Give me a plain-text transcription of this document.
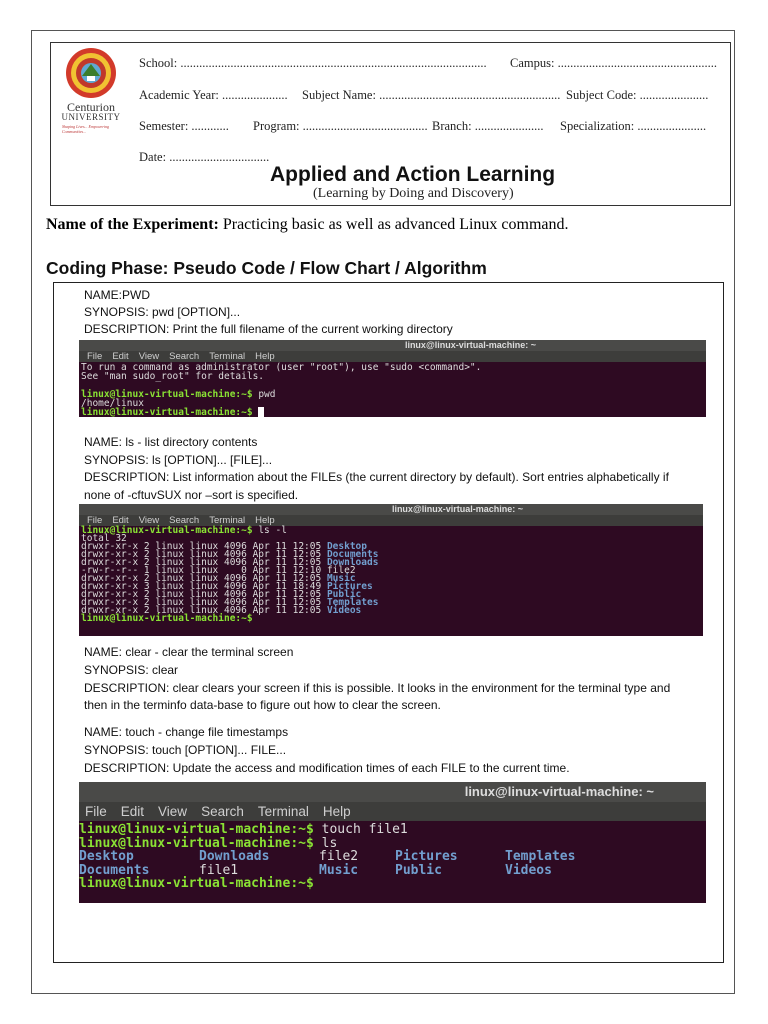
Centurion
UNIVERSITY
Shaping Lives... Empowering Communities...
School: .................................................................................................. Campus: ...................................................
Academic Year: ..................... Subject Name: .......................................................... Subject Code: ......................
Semester: ............ Program: ........................................ Branch: ...................... Specialization: ......................
Date: ................................
Applied and Action Learning
(Learning by Doing and Discovery)
Name of the Experiment: Practicing basic as well as advanced Linux command.
Coding Phase: Pseudo Code / Flow Chart / Algorithm
NAME:PWD
SYNOPSIS: pwd [OPTION]...
DESCRIPTION: Print the full filename of the current working directory
linux@linux-virtual-machine: ~
File Edit View Search Terminal Help
To run a command as administrator (user "root"), use "sudo <command>".
See "man sudo_root" for details.

linux@linux-virtual-machine:~$ pwd
/home/linux
linux@linux-virtual-machine:~$
NAME: ls - list directory contents
SYNOPSIS: ls [OPTION]... [FILE]...
DESCRIPTION: List information about the FILEs (the current directory by default). Sort entries alphabetically if
none of -cftuvSUX nor –sort is specified.
linux@linux-virtual-machine: ~
File Edit View Search Terminal Help
linux@linux-virtual-machine:~$ ls -l
total 32
drwxr-xr-x 2 linux linux 4096 Apr 11 12:05 Desktop
drwxr-xr-x 2 linux linux 4096 Apr 11 12:05 Documents
drwxr-xr-x 2 linux linux 4096 Apr 11 12:05 Downloads
-rw-r--r-- 1 linux linux    0 Apr 11 12:10 file2
drwxr-xr-x 2 linux linux 4096 Apr 11 12:05 Music
drwxr-xr-x 3 linux linux 4096 Apr 11 18:49 Pictures
drwxr-xr-x 2 linux linux 4096 Apr 11 12:05 Public
drwxr-xr-x 2 linux linux 4096 Apr 11 12:05 Templates
drwxr-xr-x 2 linux linux 4096 Apr 11 12:05 Videos
linux@linux-virtual-machine:~$
NAME: clear - clear the terminal screen
SYNOPSIS: clear
DESCRIPTION: clear clears your screen if this is possible. It looks in the environment for the terminal type and
then in the terminfo data-base to figure out how to clear the screen.
NAME: touch - change file timestamps
SYNOPSIS: touch [OPTION]... FILE...
DESCRIPTION: Update the access and modification times of each FILE to the current time.
linux@linux-virtual-machine: ~
File Edit View Search Terminal Help
linux@linux-virtual-machine:~$ touch file1
linux@linux-virtual-machine:~$ ls
Desktop	Downloads	file2	Pictures	Templates
Documents	file1	Music	Public	Videos
linux@linux-virtual-machine:~$
